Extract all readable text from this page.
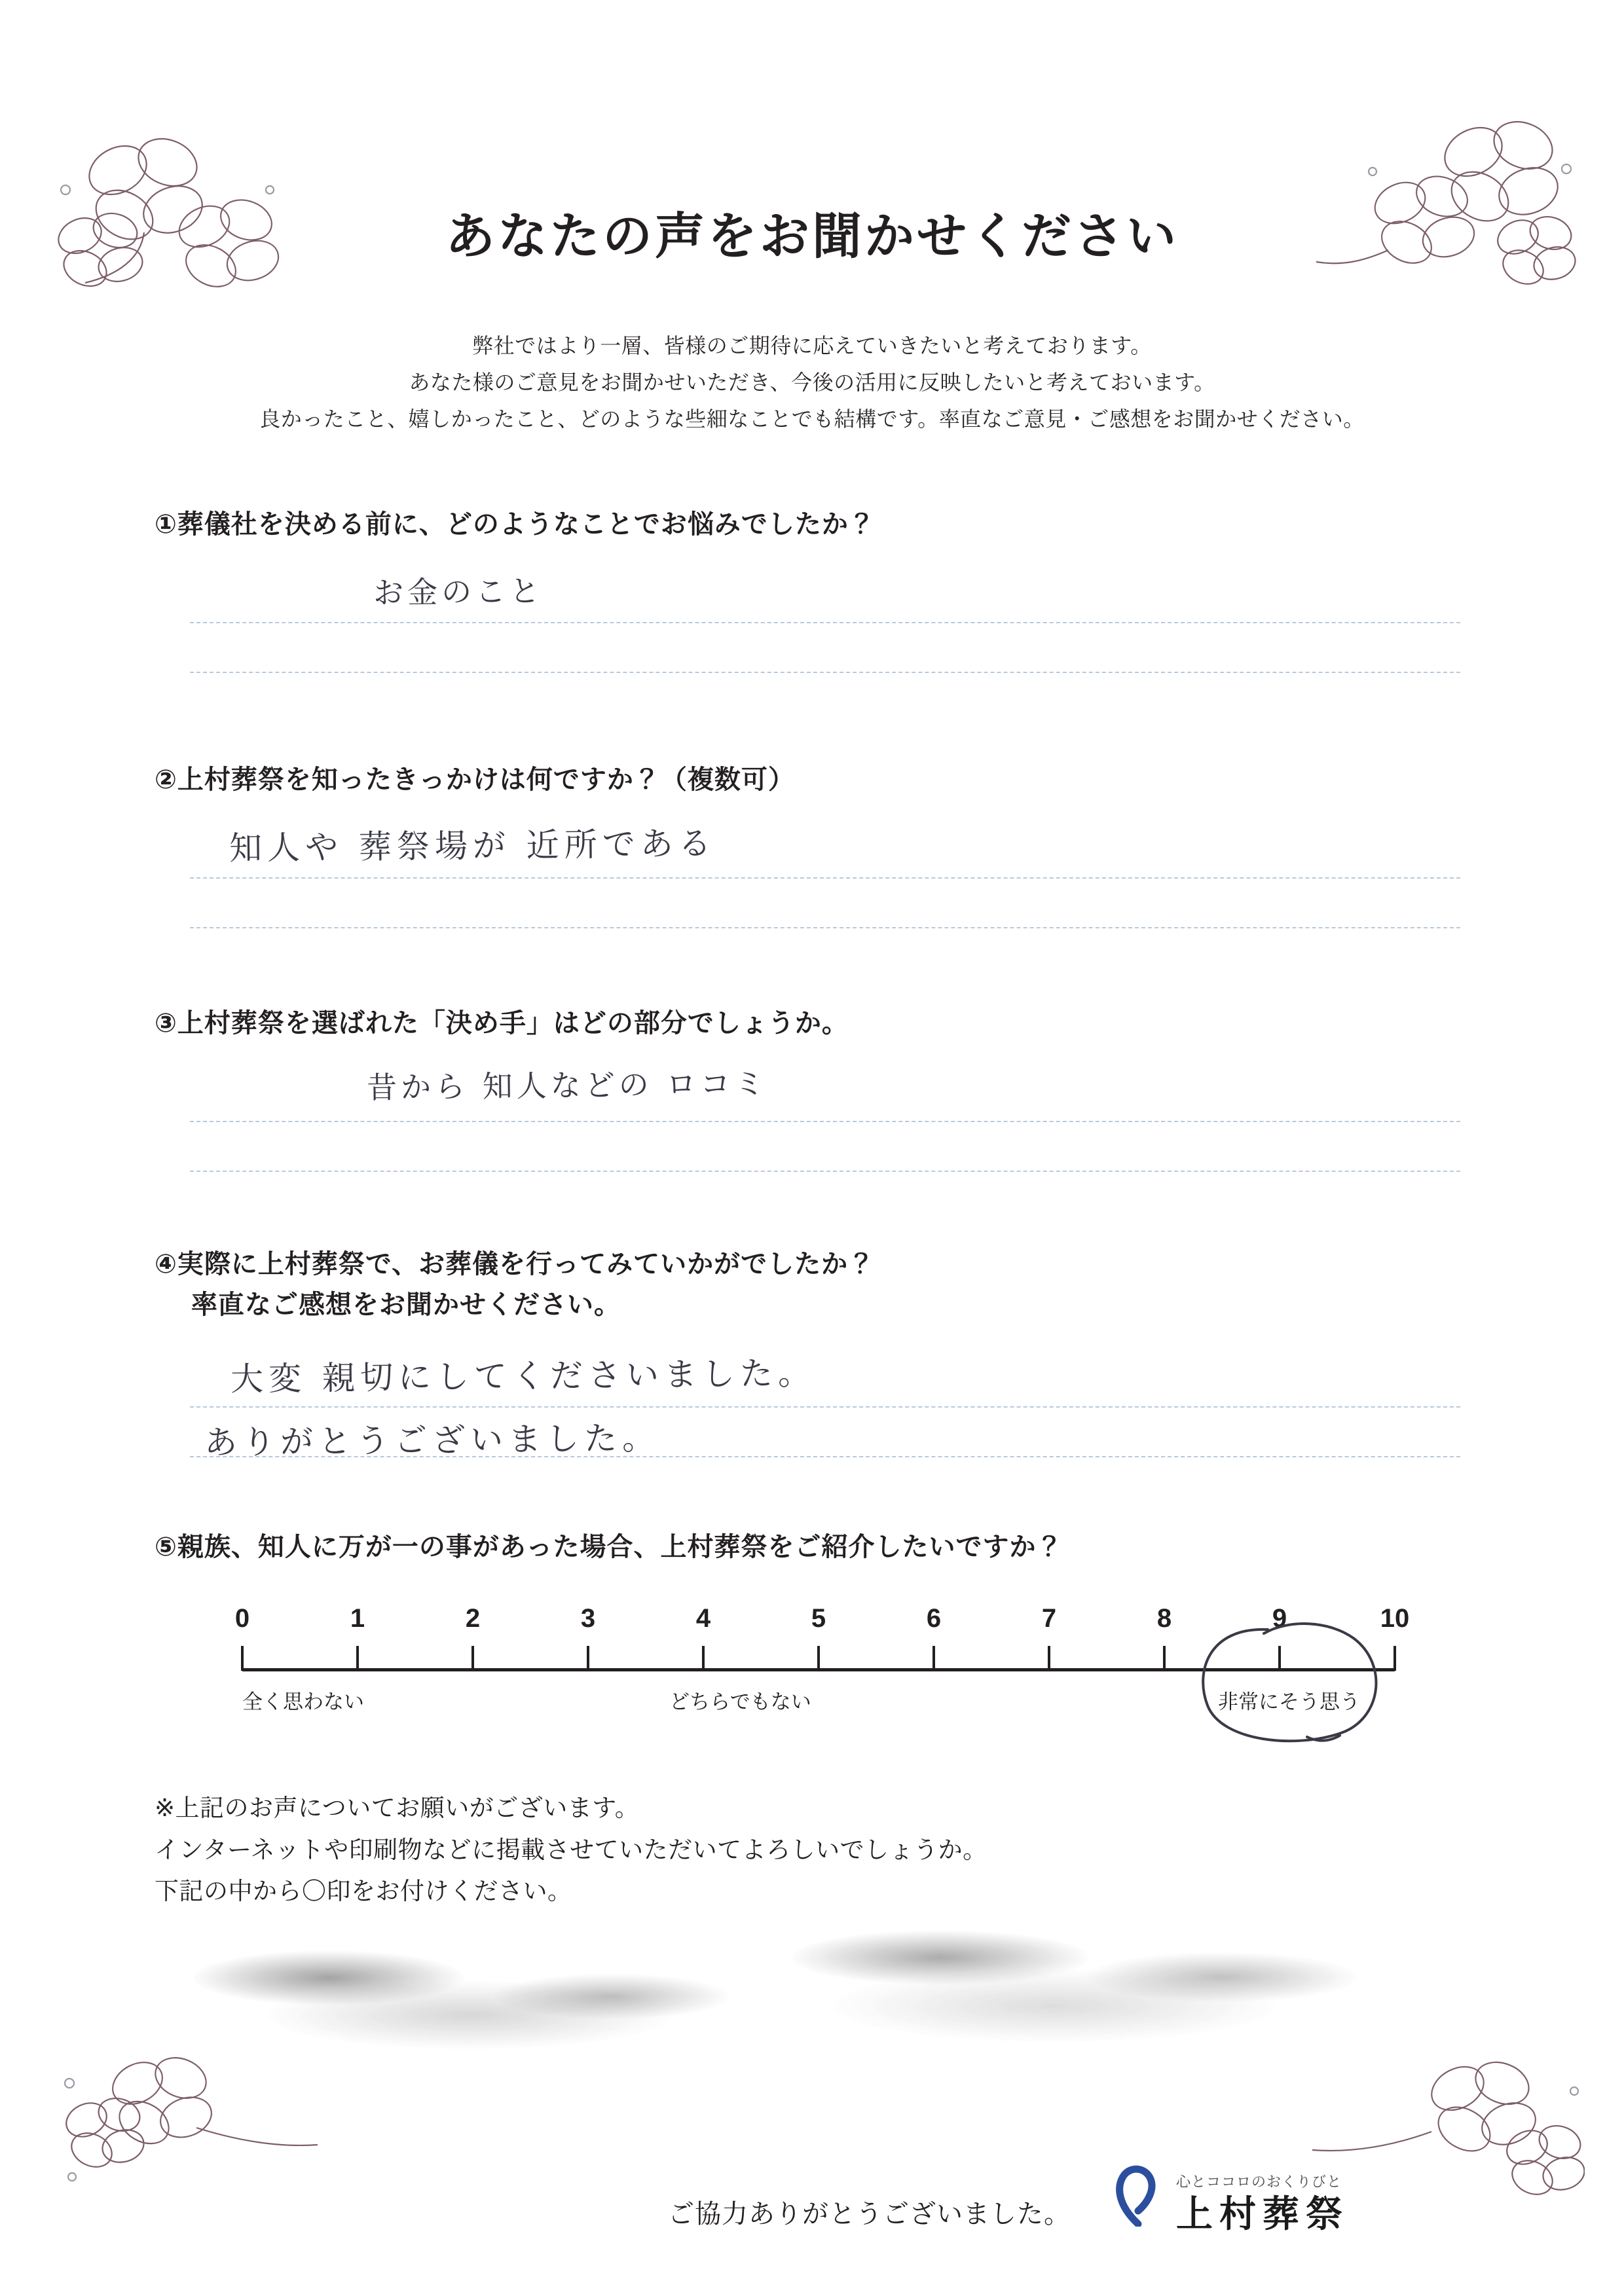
あなたの声をお聞かせください
弊社ではより一層、皆様のご期待に応えていきたいと考えております。
あなた様のご意見をお聞かせいただき、今後の活用に反映したいと考えておいます。
良かったこと、嬉しかったこと、どのような些細なことでも結構です。率直なご意見・ご感想をお聞かせください。
①葬儀社を決める前に、どのようなことでお悩みでしたか？
お金のこと
②上村葬祭を知ったきっかけは何ですか？（複数可）
知人や 葬祭場が 近所である
③上村葬祭を選ばれた「決め手」はどの部分でしょうか。
昔から 知人などの ロコミ
④実際に上村葬祭で、お葬儀を行ってみていかがでしたか？
率直なご感想をお聞かせください。
大変 親切にしてくださいました。
ありがとうございました。
⑤親族、知人に万が一の事があった場合、上村葬祭をご紹介したいですか？
0	1	2	3	4	5	6	7	8	9	10
全く思わない	どちらでもない	非常にそう思う
※上記のお声についてお願いがございます。
インターネットや印刷物などに掲載させていただいてよろしいでしょうか。
下記の中から〇印をお付けください。
ご協力ありがとうございました。
心とココロのおくりびと
上村葬祭
